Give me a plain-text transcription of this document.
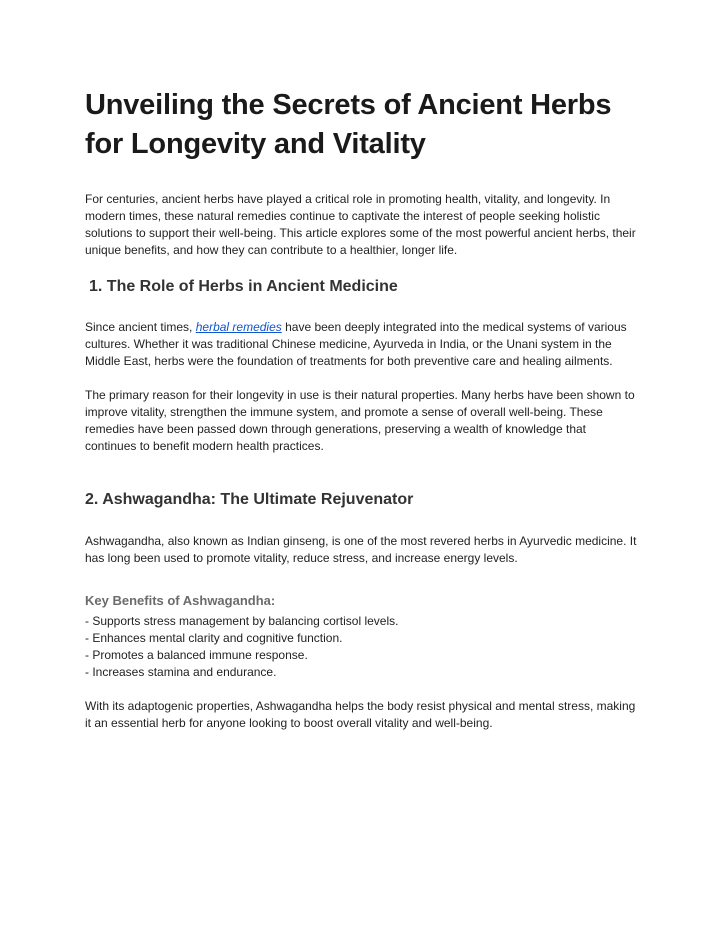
Unveiling the Secrets of Ancient Herbs for Longevity and Vitality

For centuries, ancient herbs have played a critical role in promoting health, vitality, and longevity. In modern times, these natural remedies continue to captivate the interest of people seeking holistic solutions to support their well-being. This article explores some of the most powerful ancient herbs, their unique benefits, and how they can contribute to a healthier, longer life.

1. The Role of Herbs in Ancient Medicine

Since ancient times, herbal remedies have been deeply integrated into the medical systems of various cultures. Whether it was traditional Chinese medicine, Ayurveda in India, or the Unani system in the Middle East, herbs were the foundation of treatments for both preventive care and healing ailments.

The primary reason for their longevity in use is their natural properties. Many herbs have been shown to improve vitality, strengthen the immune system, and promote a sense of overall well-being. These remedies have been passed down through generations, preserving a wealth of knowledge that continues to benefit modern health practices.

2. Ashwagandha: The Ultimate Rejuvenator

Ashwagandha, also known as Indian ginseng, is one of the most revered herbs in Ayurvedic medicine. It has long been used to promote vitality, reduce stress, and increase energy levels.

Key Benefits of Ashwagandha:
- Supports stress management by balancing cortisol levels.
- Enhances mental clarity and cognitive function.
- Promotes a balanced immune response.
- Increases stamina and endurance.

With its adaptogenic properties, Ashwagandha helps the body resist physical and mental stress, making it an essential herb for anyone looking to boost overall vitality and well-being.
